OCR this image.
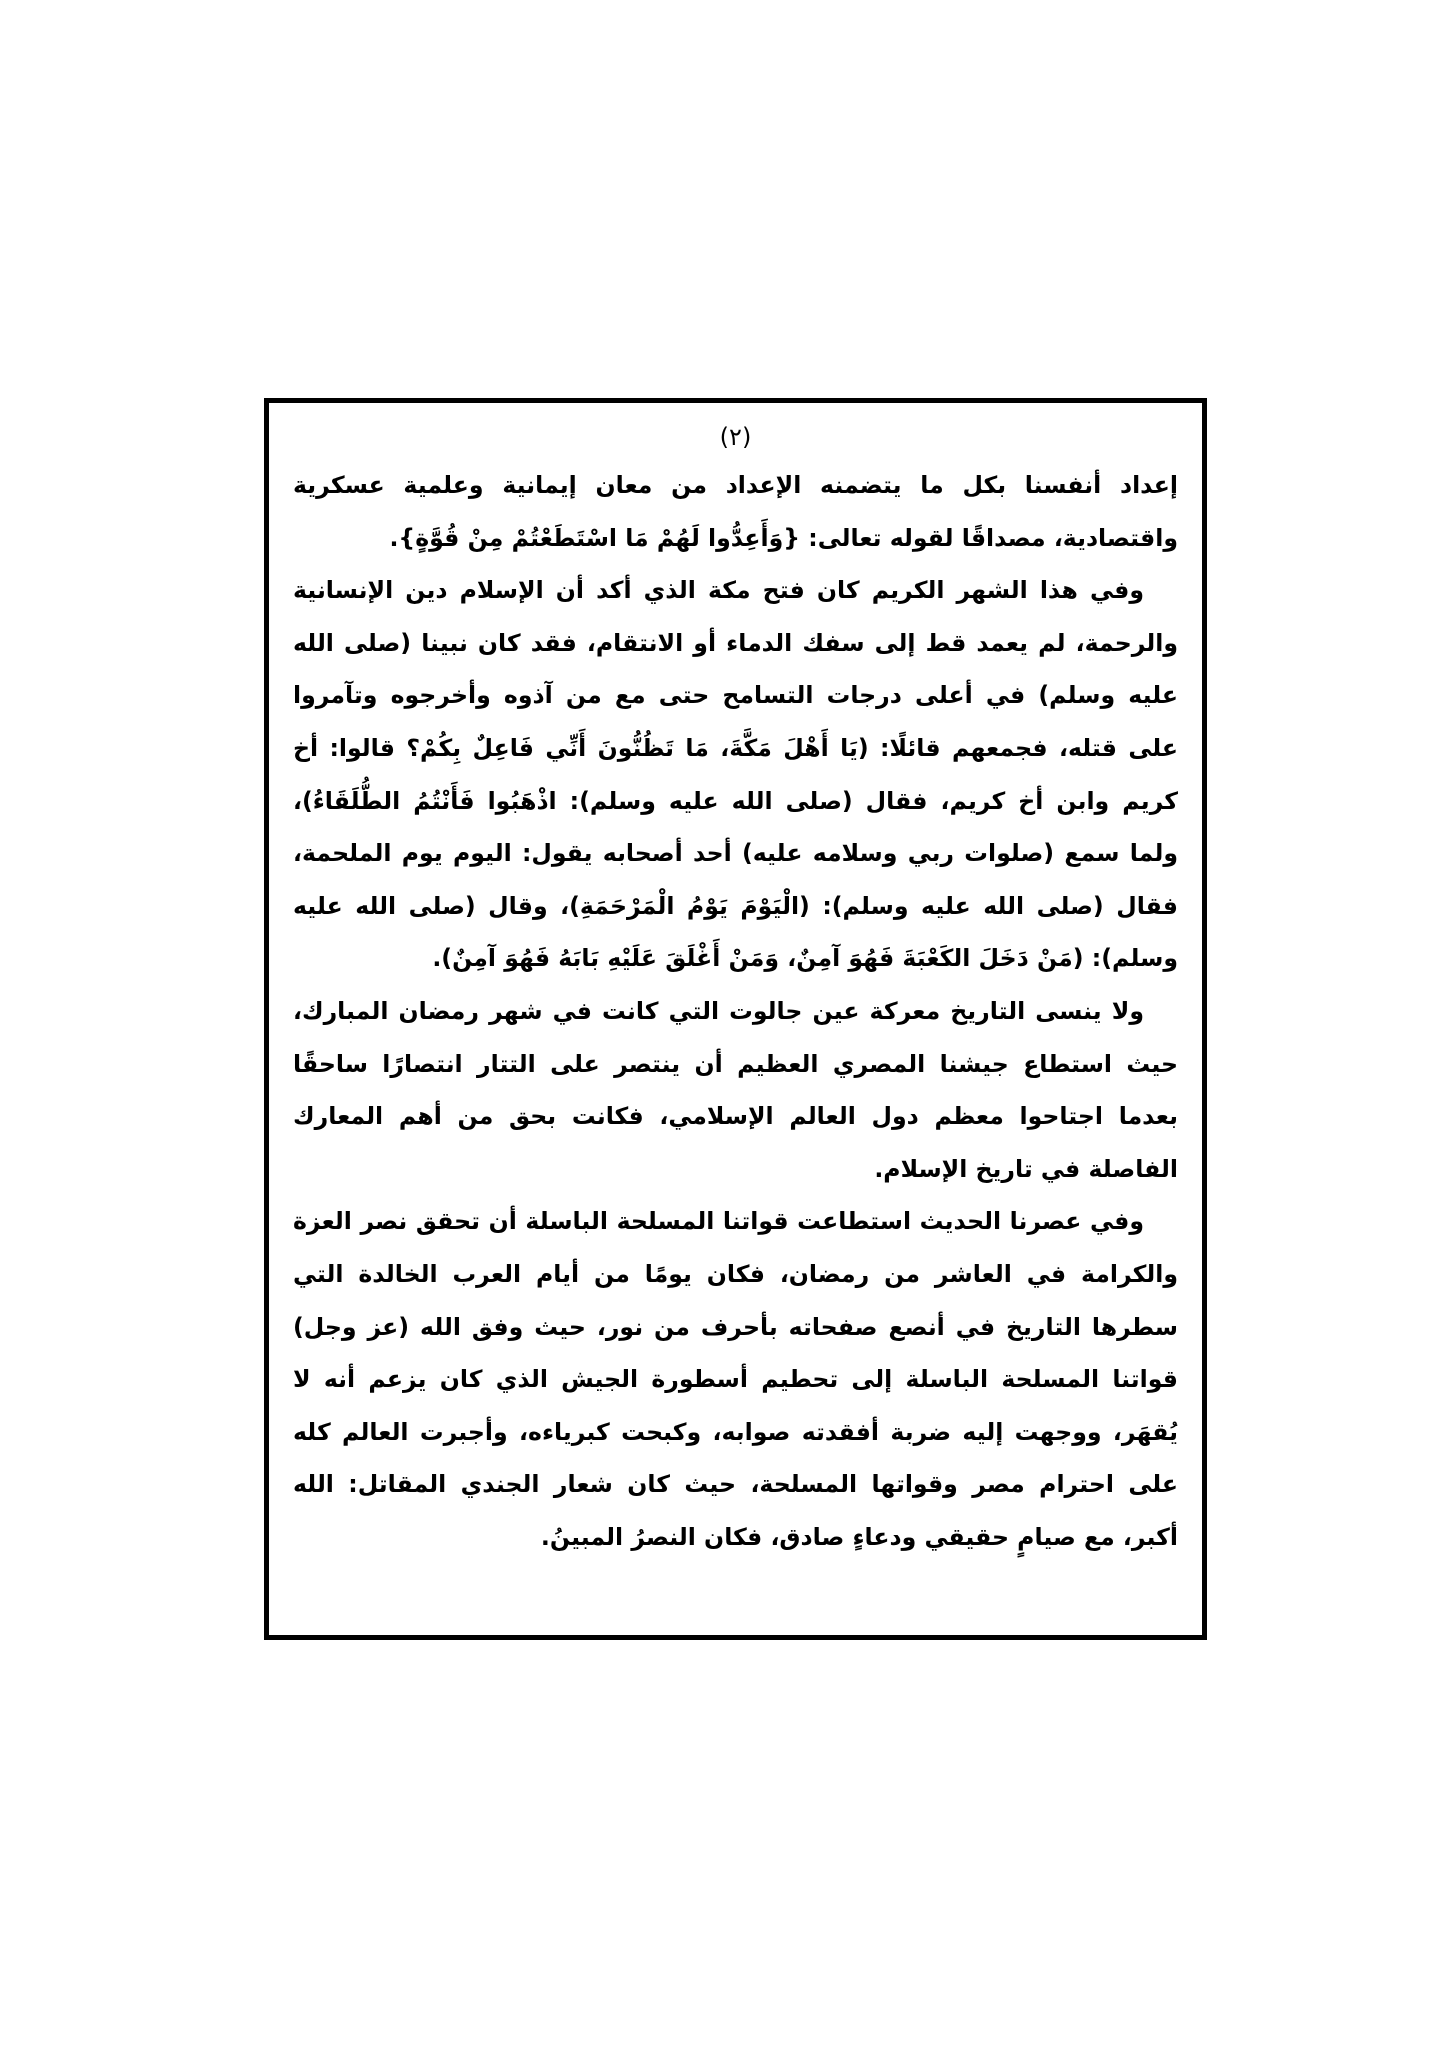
(٢)

إعداد أنفسنا بكل ما يتضمنه الإعداد من معان إيمانية وعلمية عسكرية واقتصادية، مصداقًا لقوله تعالى: {وَأَعِدُّوا لَهُمْ مَا اسْتَطَعْتُمْ مِنْ قُوَّةٍ}.

وفي هذا الشهر الكريم كان فتح مكة الذي أكد أن الإسلام دين الإنسانية والرحمة، لم يعمد قط إلى سفك الدماء أو الانتقام، فقد كان نبينا (صلى الله عليه وسلم) في أعلى درجات التسامح حتى مع من آذوه وأخرجوه وتآمروا على قتله، فجمعهم قائلًا: (يَا أَهْلَ مَكَّةَ، مَا تَظُنُّونَ أَنِّي فَاعِلٌ بِكُمْ؟ قالوا: أخ كريم وابن أخ كريم، فقال (صلى الله عليه وسلم): اذْهَبُوا فَأَنْتُمُ الطُّلَقَاءُ)، ولما سمع (صلوات ربي وسلامه عليه) أحد أصحابه يقول: اليوم يوم الملحمة، فقال (صلى الله عليه وسلم): (الْيَوْمَ يَوْمُ الْمَرْحَمَةِ)، وقال (صلى الله عليه وسلم): (مَنْ دَخَلَ الكَعْبَةَ فَهُوَ آمِنٌ، وَمَنْ أَغْلَقَ عَلَيْهِ بَابَهُ فَهُوَ آمِنٌ).

ولا ينسى التاريخ معركة عين جالوت التي كانت في شهر رمضان المبارك، حيث استطاع جيشنا المصري العظيم أن ينتصر على التتار انتصارًا ساحقًا بعدما اجتاحوا معظم دول العالم الإسلامي، فكانت بحق من أهم المعارك الفاصلة في تاريخ الإسلام.

وفي عصرنا الحديث استطاعت قواتنا المسلحة الباسلة أن تحقق نصر العزة والكرامة في العاشر من رمضان، فكان يومًا من أيام العرب الخالدة التي سطرها التاريخ في أنصع صفحاته بأحرف من نور، حيث وفق الله (عز وجل) قواتنا المسلحة الباسلة إلى تحطيم أسطورة الجيش الذي كان يزعم أنه لا يُقهَر، ووجهت إليه ضربة أفقدته صوابه، وكبحت كبرياءه، وأجبرت العالم كله على احترام مصر وقواتها المسلحة، حيث كان شعار الجندي المقاتل: الله أكبر، مع صيامٍ حقيقي ودعاءٍ صادق، فكان النصرُ المبينُ.
